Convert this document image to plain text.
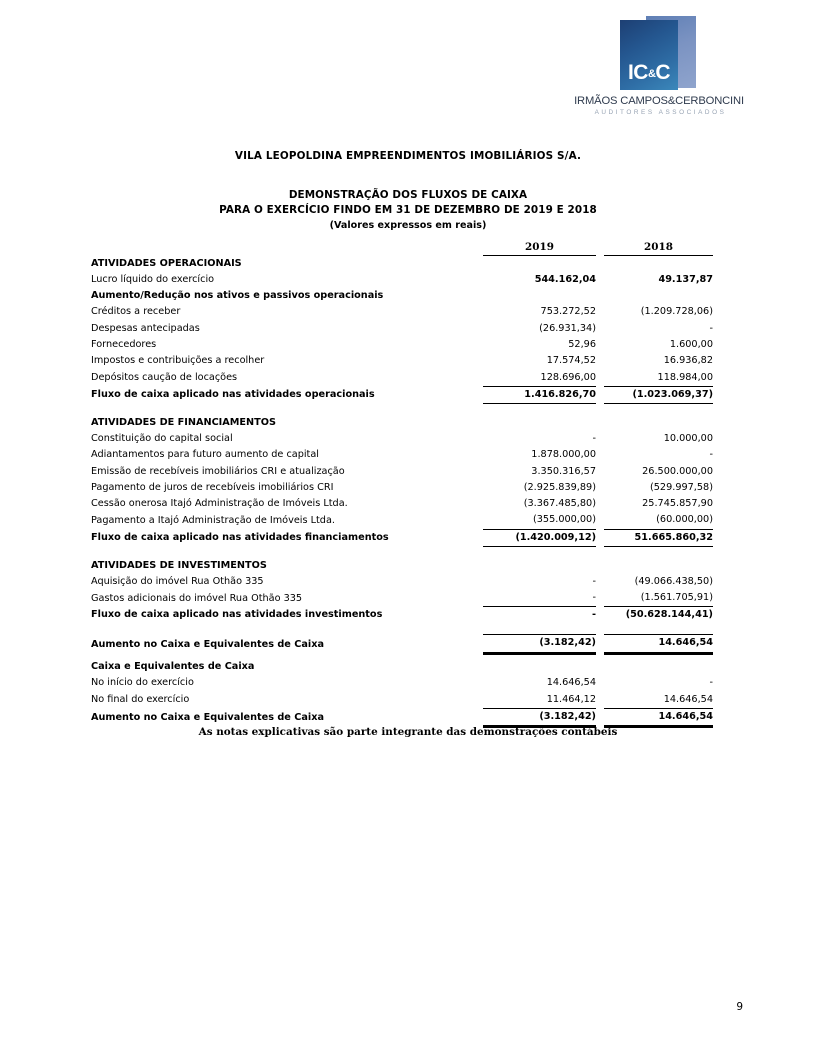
IC&C
IRMÃOS CAMPOS&CERBONCINI
AUDITORES ASSOCIADOS
VILA LEOPOLDINA EMPREENDIMENTOS IMOBILIÁRIOS S/A.
DEMONSTRAÇÃO DOS FLUXOS DE CAIXA
PARA O EXERCÍCIO FINDO EM 31 DE DEZEMBRO DE 2019 E 2018
(Valores expressos em reais)
	2019		2018
ATIVIDADES OPERACIONAIS			
Lucro líquido do exercício	544.162,04		49.137,87
Aumento/Redução nos ativos e passivos operacionais			
Créditos a receber	753.272,52		(1.209.728,06)
Despesas antecipadas	(26.931,34)		-
Fornecedores	52,96		1.600,00
Impostos e contribuições a recolher	17.574,52		16.936,82
Depósitos caução de locações	128.696,00		118.984,00
Fluxo de caixa aplicado nas atividades operacionais	1.416.826,70		(1.023.069,37)

ATIVIDADES DE FINANCIAMENTOS			
Constituição do capital social	-		10.000,00
Adiantamentos para futuro aumento de capital	1.878.000,00		-
Emissão de recebíveis imobiliários CRI e atualização	3.350.316,57		26.500.000,00
Pagamento de juros de recebíveis imobiliários CRI	(2.925.839,89)		(529.997,58)
Cessão onerosa Itajó Administração de Imóveis Ltda.	(3.367.485,80)		25.745.857,90
Pagamento a Itajó Administração de Imóveis Ltda.	(355.000,00)		(60.000,00)
Fluxo de caixa aplicado nas atividades financiamentos	(1.420.009,12)		51.665.860,32

ATIVIDADES DE INVESTIMENTOS			
Aquisição do imóvel Rua Othão 335	-		(49.066.438,50)
Gastos adicionais do imóvel Rua Othão 335	-		(1.561.705,91)
Fluxo de caixa aplicado nas atividades investimentos	-		(50.628.144,41)

Aumento no Caixa e Equivalentes de Caixa	(3.182,42)		14.646,54

Caixa e Equivalentes de Caixa			
No início do exercício	14.646,54		-
No final do exercício	11.464,12		14.646,54
Aumento no Caixa e Equivalentes de Caixa	(3.182,42)		14.646,54
As notas explicativas são parte integrante das demonstrações contábeis
9
